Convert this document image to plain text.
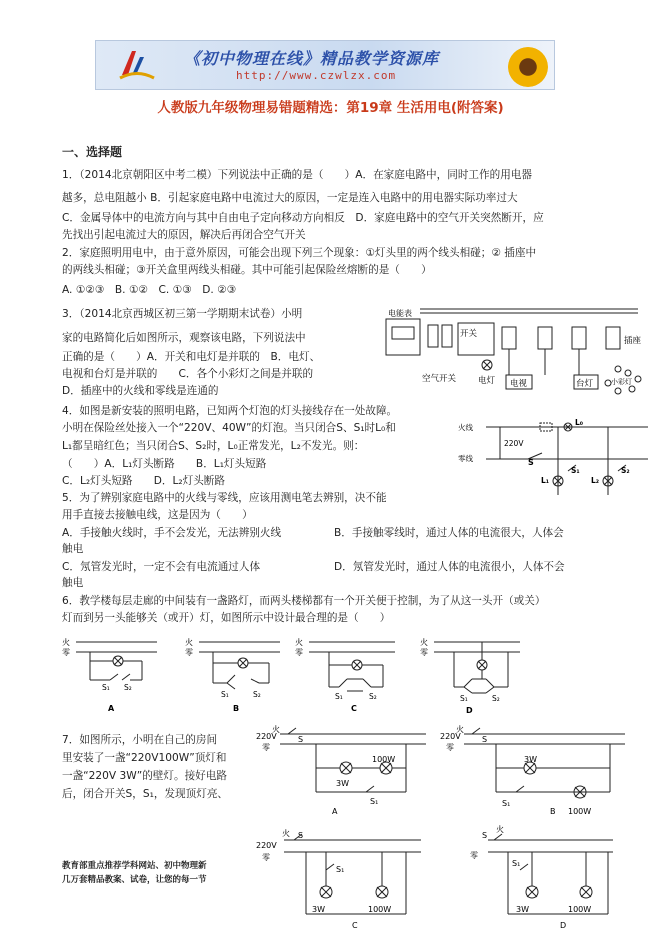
《初中物理在线》精品教学资源库
http://www.czwlzx.com
人教版九年级物理易错题精选：第19章 生活用电(附答案)
一、选择题
1．（2014北京朝阳区中考二模）下列说法中正确的是（　　）A．在家庭电路中，同时工作的用电器
越多，总电阻越小 B．引起家庭电路中电流过大的原因，一定是连入电路中的用电器实际功率过大
C．金属导体中的电流方向与其中自由电子定向移动方向相反　D．家庭电路中的空气开关突然断开，应
先找出引起电流过大的原因，解决后再闭合空气开关
2．家庭照明用电中，由于意外原因，可能会出现下列三个现象：①灯头里的两个线头相碰；② 插座中
的两线头相碰；③开关盒里两线头相碰。其中可能引起保险丝熔断的是（　　）
A. ①②③　B. ①②　C. ①③　D. ②③
3．（2014北京西城区初三第一学期期末试卷）小明
家的电路简化后如图所示，观察该电路，下列说法中
正确的是（　　）A．开关和电灯是并联的　B．电灯、
电视和台灯是并联的　　C．各个小彩灯之间是并联的
D．插座中的火线和零线是连通的
电能表
空气开关
开关
电灯 电视	台灯	小彩灯
插座
4．如图是新安装的照明电路，已知两个灯泡的灯头接线存在一处故障。
小明在保险丝处接入一个“220V、40W”的灯泡。当只闭合S、S₁时L₀和
L₁都呈暗红色；当只闭合S、S₂时，L₀正常发光，L₂不发光。则：
（　　）A．L₁灯头断路　　B．L₁灯头短路
C．L₂灯头短路　　D．L₂灯头断路
火线
零线
220V
S
L₀
L₁	L₂
S₁	S₂
5．为了辨别家庭电路中的火线与零线，应该用测电笔去辨别，决不能
用手直接去接触电线，这是因为（　　）
A．手接触火线时，手不会发光，无法辨别火线	B．手接触零线时，通过人体的电流很大，人体会
触电
C．氖管发光时，一定不会有电流通过人体	D．氖管发光时，通过人体的电流很小，人体不会
触电
6．教学楼每层走廊的中间装有一盏路灯，而两头楼梯都有一个开关便于控制，为了从这一头开（或关）
灯而到另一头能够关（或开）灯，如图所示中设计最合理的是（　　）
火
零
S₁ S₂
A
火
零
S₁	S₂
B
火
零
S₁	S₂
C
火
零
S₁	S₂
D
7．如图所示，小明在自己的房间
里安装了一盏“220V100W”顶灯和
一盏“220V 3W”的壁灯。接好电路
后，闭合开关S，S₁，发现顶灯亮、
220V
火
零
S
3W
100W
S₁
A
220V
火
零
S
3W
100W
S₁
B
火
220V
零
S
S₁
3W	100W
C
火
零
S
S₁
3W	100W
D
教育部重点推荐学科网站、初中物理新
几万套精品教案、试卷，让您的每一节
